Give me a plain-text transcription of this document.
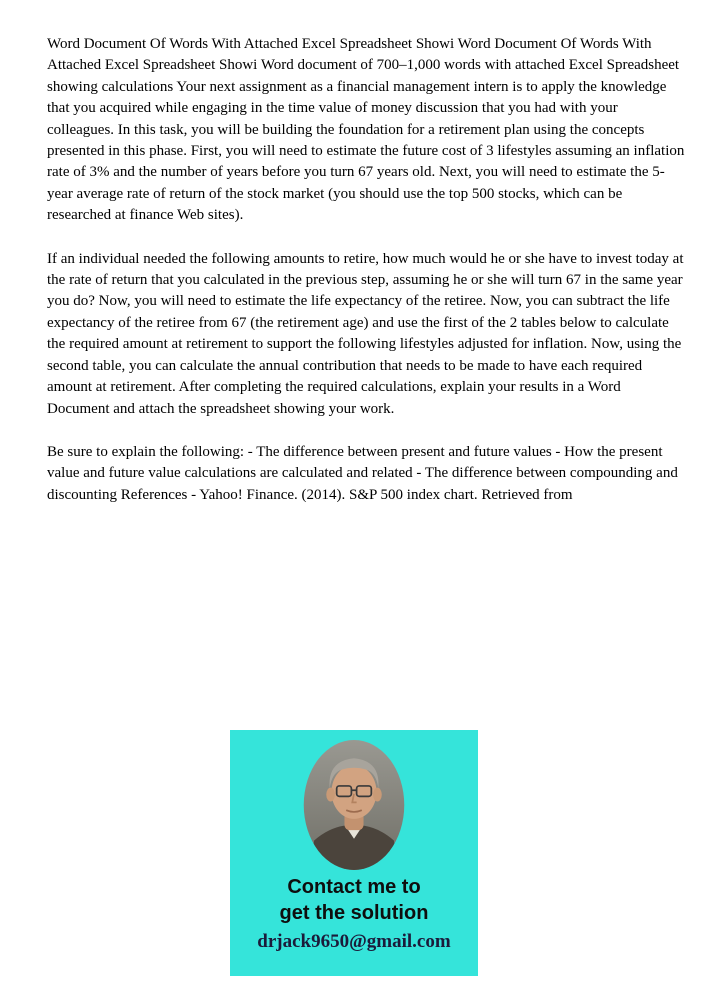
Word Document Of Words With Attached Excel Spreadsheet Showi Word Document Of Words With Attached Excel Spreadsheet Showi Word document of 700–1,000 words with attached Excel Spreadsheet showing calculations Your next assignment as a financial management intern is to apply the knowledge that you acquired while engaging in the time value of money discussion that you had with your colleagues. In this task, you will be building the foundation for a retirement plan using the concepts presented in this phase. First, you will need to estimate the future cost of 3 lifestyles assuming an inflation rate of 3% and the number of years before you turn 67 years old. Next, you will need to estimate the 5-year average rate of return of the stock market (you should use the top 500 stocks, which can be researched at finance Web sites).

If an individual needed the following amounts to retire, how much would he or she have to invest today at the rate of return that you calculated in the previous step, assuming he or she will turn 67 in the same year you do? Now, you will need to estimate the life expectancy of the retiree. Now, you can subtract the life expectancy of the retiree from 67 (the retirement age) and use the first of the 2 tables below to calculate the required amount at retirement to support the following lifestyles adjusted for inflation. Now, using the second table, you can calculate the annual contribution that needs to be made to have each required amount at retirement. After completing the required calculations, explain your results in a Word Document and attach the spreadsheet showing your work.

Be sure to explain the following: - The difference between present and future values - How the present value and future value calculations are calculated and related - The difference between compounding and discounting References - Yahoo! Finance. (2014). S&P 500 index chart. Retrieved from

Contact me to
get the solution
drjack9650@gmail.com
